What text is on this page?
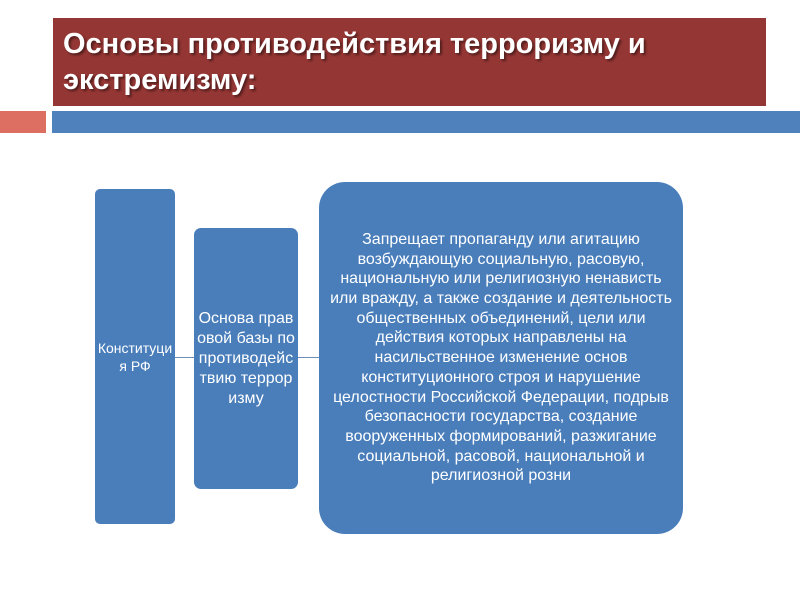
Основы противодействия терроризму и экстремизму:
Конституция РФ
Основа правовой базы по противодействию терроризму
Запрещает пропаганду или агитацию возбуждающую социальную, расовую, национальную или религиозную ненависть или вражду, а также создание и деятельность общественных объединений, цели или действия которых направлены на насильственное изменение основ конституционного строя и нарушение целостности Российской Федерации, подрыв безопасности государства, создание вооруженных формирований, разжигание социальной, расовой, национальной и религиозной розни
